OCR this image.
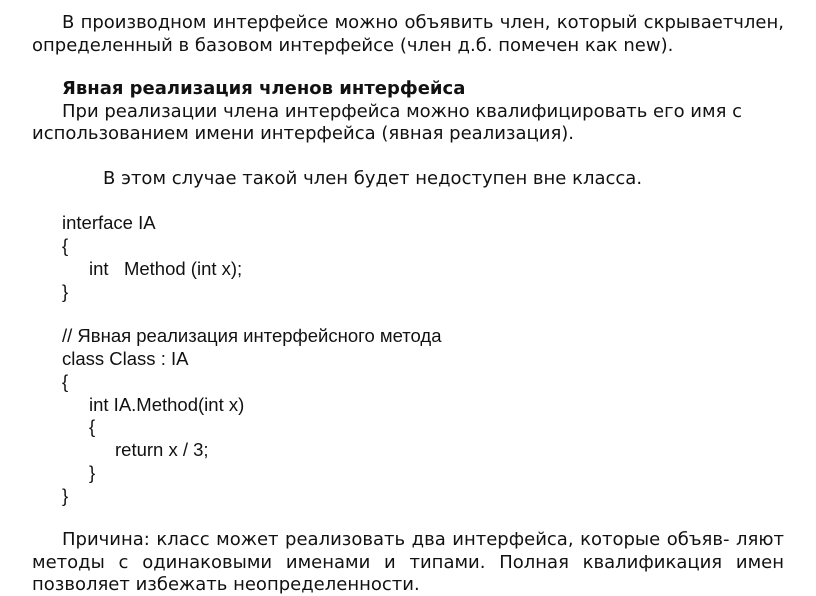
В производном интерфейсе можно объявить член, который скрываетчлен,
определенный в базовом интерфейсе (член д.б. помечен как new).
Явная реализация членов интерфейса
При реализации члена интерфейса можно квалифицировать его имя с
использованием имени интерфейса (явная реализация).
В этом случае такой член будет недоступен вне класса.
interface IA
{
int   Method (int x);
}
// Явная реализация интерфейсного метода
class Class : IA
{
int IA.Method(int x)
{
return x / 3;
}
}
Причина: класс может реализовать два интерфейса, которые объяв- ляют
методы с одинаковыми именами и типами. Полная квалификация имен
позволяет избежать неопределенности.
